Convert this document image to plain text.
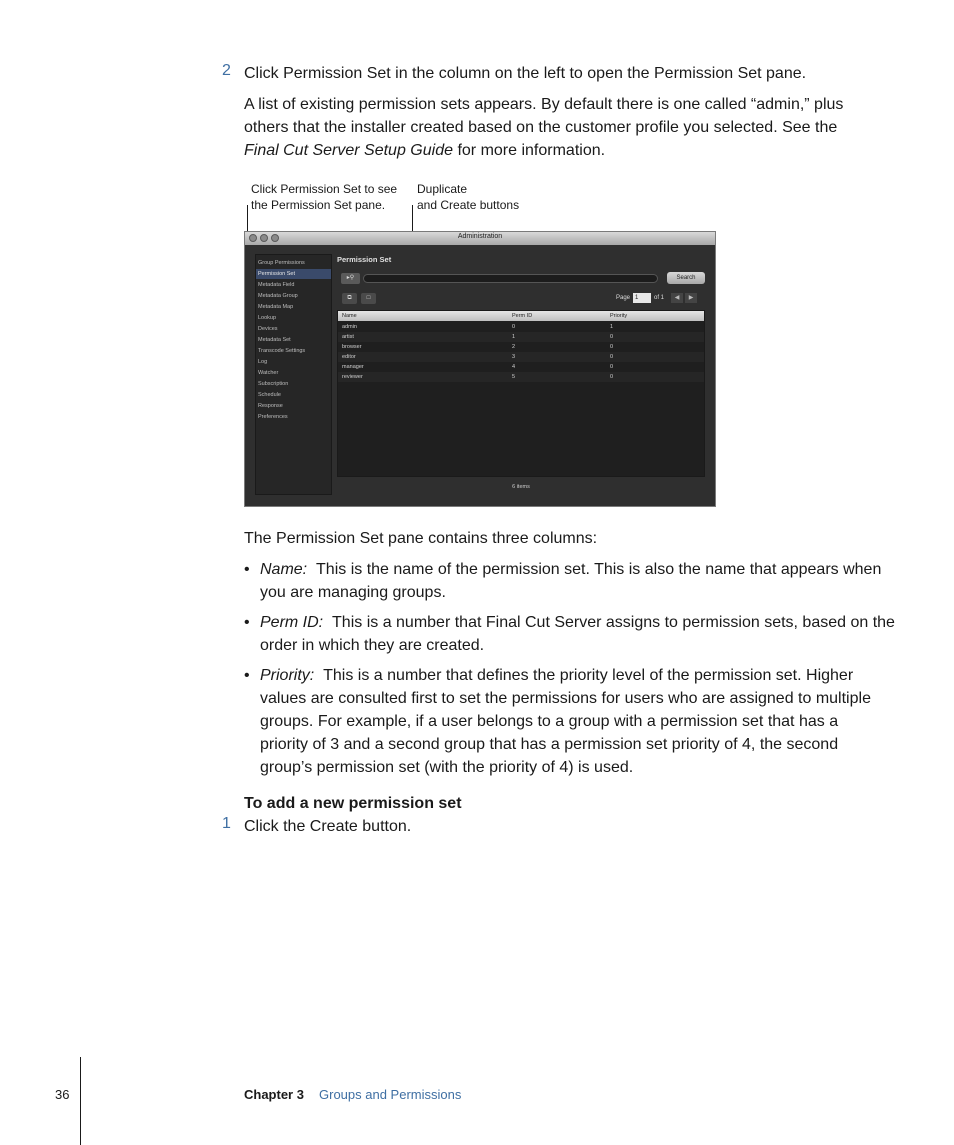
2 Click Permission Set in the column on the left to open the Permission Set pane.
A list of existing permission sets appears. By default there is one called “admin,” plus
others that the installer created based on the customer profile you selected. See the
Final Cut Server Setup Guide for more information.
Click Permission Set to see
the Permission Set pane.
Duplicate
and Create buttons
Administration
Group Permissions
Permission Set
Metadata Field
Metadata Group
Metadata Map
Lookup
Devices
Metadata Set
Transcode Settings
Log
Watcher
Subscription
Schedule
Response
Preferences
Permission Set
▸⚲	Search
⧉	□	Page 1	of 1	◀	▶
Name	Perm ID	Priority
admin	0	1
artist	1	0
browser	2	0
editor	3	0
manager	4	0
reviewer	5	0
6 items
The Permission Set pane contains three columns:
• Name: This is the name of the permission set. This is also the name that appears when
you are managing groups.
• Perm ID: This is a number that Final Cut Server assigns to permission sets, based on the
order in which they are created.
• Priority: This is a number that defines the priority level of the permission set. Higher
values are consulted first to set the permissions for users who are assigned to multiple
groups. For example, if a user belongs to a group with a permission set that has a
priority of 3 and a second group that has a permission set priority of 4, the second
group’s permission set (with the priority of 4) is used.
To add a new permission set
1 Click the Create button.
36	Chapter 3 Groups and Permissions
